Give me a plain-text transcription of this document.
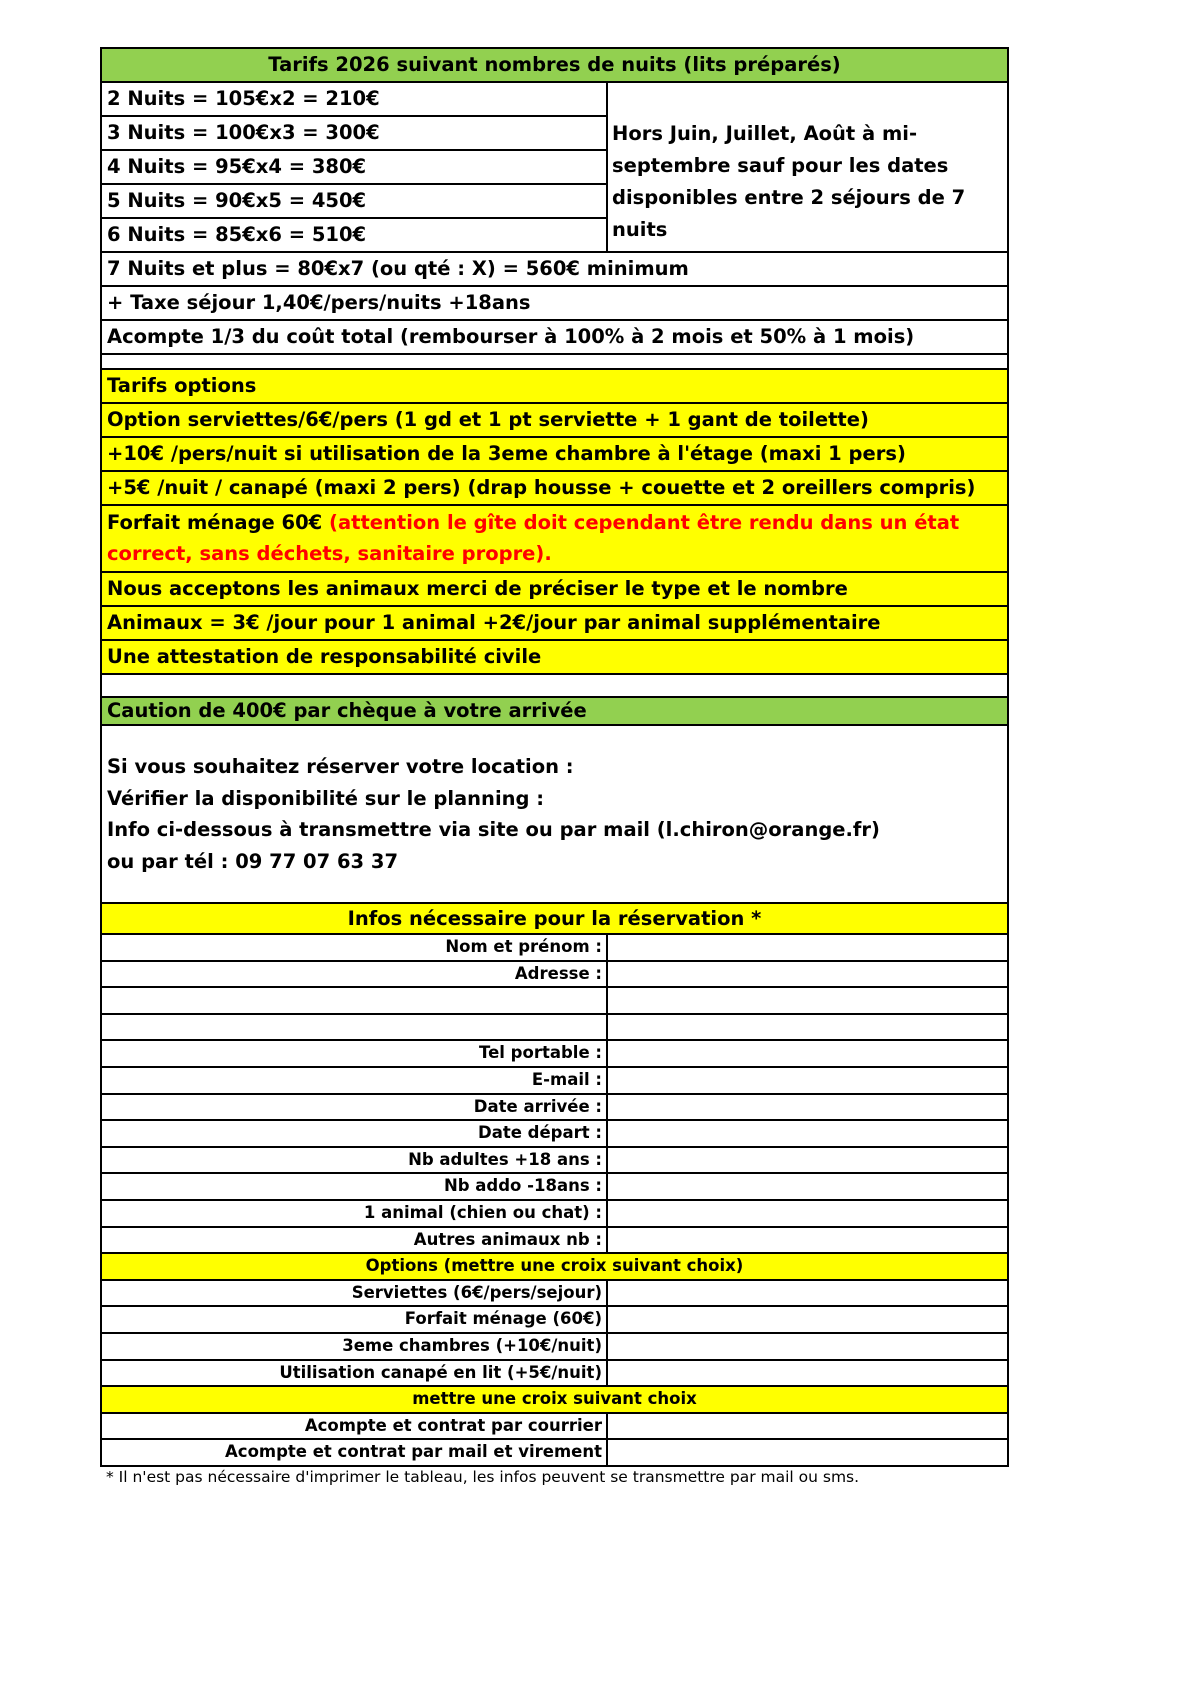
Tarifs 2026 suivant nombres de nuits (lits préparés)
2 Nuits = 105€x2 = 210€
3 Nuits = 100€x3 = 300€
4 Nuits = 95€x4 = 380€
5 Nuits = 90€x5 = 450€
6 Nuits = 85€x6 = 510€
Hors Juin, Juillet, Août à mi-septembre sauf pour les dates disponibles entre 2 séjours de 7 nuits
7 Nuits et plus = 80€x7 (ou qté : X) = 560€ minimum
+ Taxe séjour 1,40€/pers/nuits +18ans
Acompte 1/3 du coût total (rembourser à 100% à 2 mois et 50% à 1 mois)
Tarifs options
Option serviettes/6€/pers (1 gd et 1 pt serviette + 1 gant de toilette)
+10€ /pers/nuit si utilisation de la 3eme chambre à l'étage (maxi 1 pers)
+5€ /nuit / canapé (maxi 2 pers) (drap housse + couette et 2 oreillers compris)
Forfait ménage 60€ (attention le gîte doit cependant être rendu dans un état correct, sans déchets, sanitaire propre).
Nous acceptons les animaux merci de préciser le type et le nombre
Animaux = 3€ /jour pour 1 animal +2€/jour par animal supplémentaire
Une attestation de responsabilité civile
Caution de 400€ par chèque à votre arrivée
Si vous souhaitez réserver votre location :
Vérifier la disponibilité sur le planning :
Info ci-dessous à transmettre via site ou par mail (l.chiron@orange.fr)
ou par tél : 09 77 07 63 37
Infos nécessaire pour la réservation *
Nom et prénom :
Adresse :
Tel portable :
E-mail :
Date arrivée :
Date départ :
Nb adultes +18 ans :
Nb addo -18ans :
1 animal (chien ou chat) :
Autres animaux nb :
Options (mettre une croix suivant choix)
Serviettes (6€/pers/sejour)
Forfait ménage (60€)
3eme chambres (+10€/nuit)
Utilisation canapé en lit (+5€/nuit)
mettre une croix suivant choix
Acompte et contrat par courrier
Acompte et contrat par mail et virement
* Il n'est pas nécessaire d'imprimer le tableau, les infos peuvent se transmettre par mail ou sms.
